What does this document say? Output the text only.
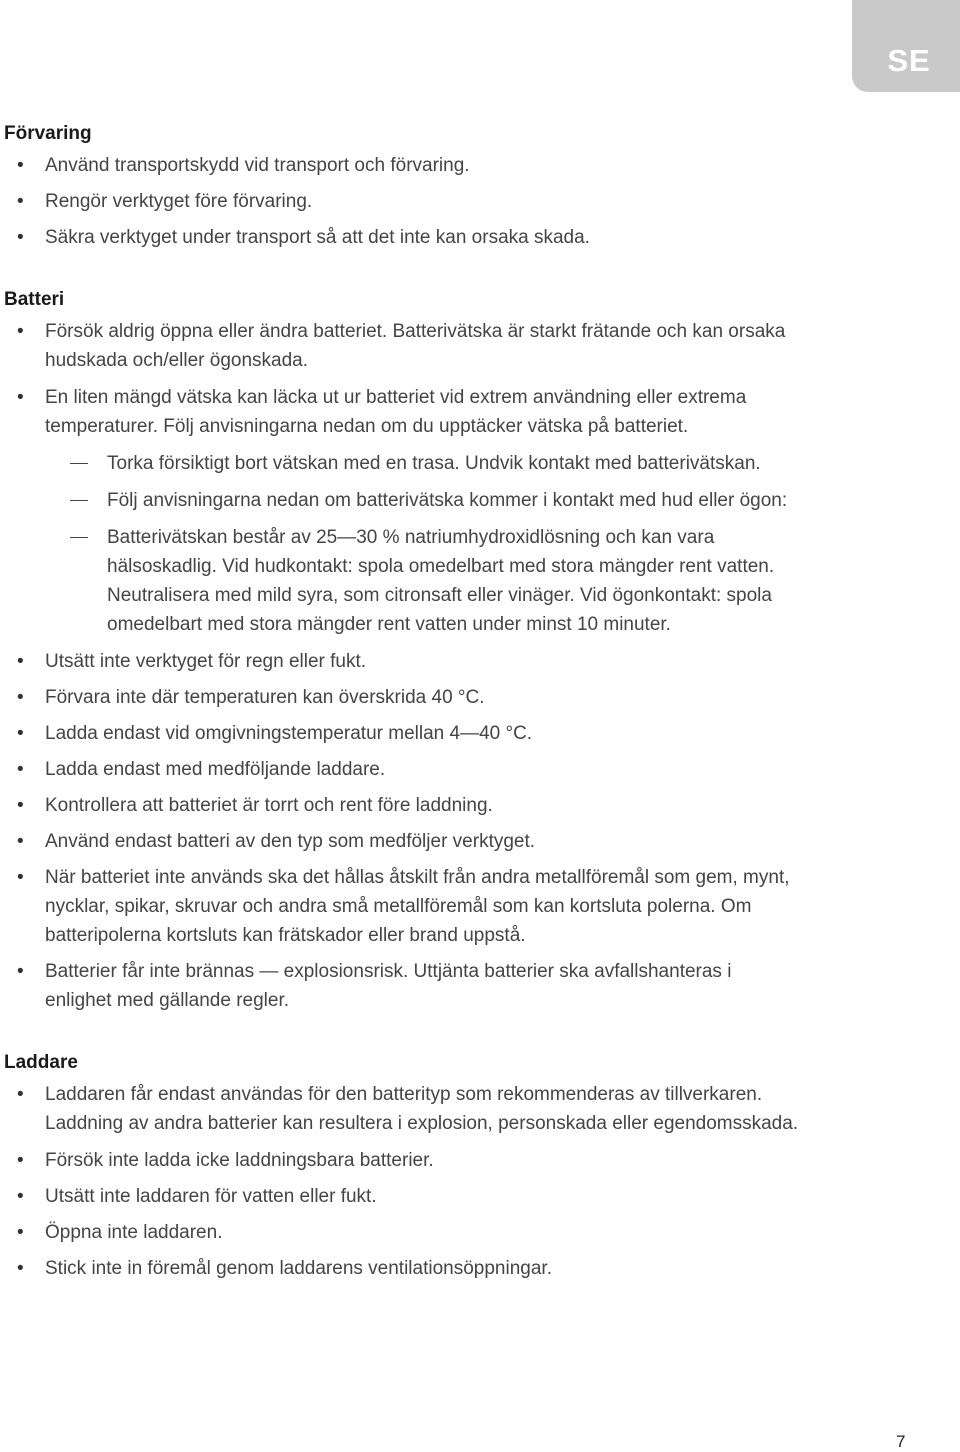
SE
Förvaring
• Använd transportskydd vid transport och förvaring.
• Rengör verktyget före förvaring.
• Säkra verktyget under transport så att det inte kan orsaka skada.
Batteri
• Försök aldrig öppna eller ändra batteriet. Batterivätska är starkt frätande och kan orsaka hudskada och/eller ögonskada.
• En liten mängd vätska kan läcka ut ur batteriet vid extrem användning eller extrema temperaturer. Följ anvisningarna nedan om du upptäcker vätska på batteriet.
Torka försiktigt bort vätskan med en trasa. Undvik kontakt med batterivätskan.
Följ anvisningarna nedan om batterivätska kommer i kontakt med hud eller ögon:
Batterivätskan består av 25—30 % natriumhydroxidlösning och kan vara hälsoskadlig. Vid hudkontakt: spola omedelbart med stora mängder rent vatten. Neutralisera med mild syra, som citronsaft eller vinäger. Vid ögonkontakt: spola omedelbart med stora mängder rent vatten under minst 10 minuter.
• Utsätt inte verktyget för regn eller fukt.
• Förvara inte där temperaturen kan överskrida 40 °C.
• Ladda endast vid omgivningstemperatur mellan 4—40 °C.
• Ladda endast med medföljande laddare.
• Kontrollera att batteriet är torrt och rent före laddning.
• Använd endast batteri av den typ som medföljer verktyget.
• När batteriet inte används ska det hållas åtskilt från andra metallföremål som gem, mynt, nycklar, spikar, skruvar och andra små metallföremål som kan kortsluta polerna. Om batteripolerna kortsluts kan frätskador eller brand uppstå.
• Batterier får inte brännas — explosionsrisk. Uttjänta batterier ska avfallshanteras i enlighet med gällande regler.
Laddare
• Laddaren får endast användas för den batterityp som rekommenderas av tillverkaren. Laddning av andra batterier kan resultera i explosion, personskada eller egendomsskada.
• Försök inte ladda icke laddningsbara batterier.
• Utsätt inte laddaren för vatten eller fukt.
• Öppna inte laddaren.
• Stick inte in föremål genom laddarens ventilationsöppningar.
7
